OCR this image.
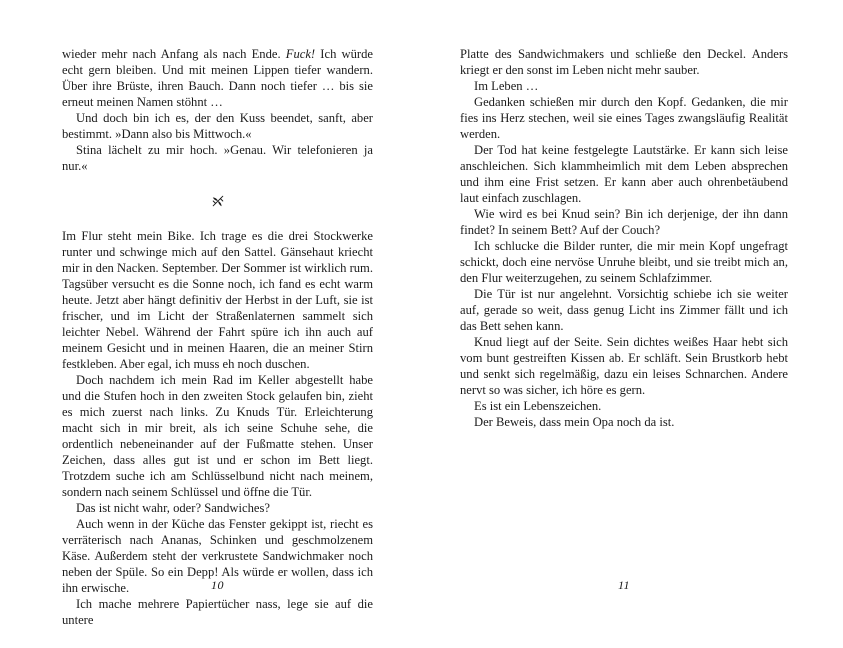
wieder mehr nach Anfang als nach Ende. Fuck! Ich würde echt gern bleiben. Und mit meinen Lippen tiefer wandern. Über ihre Brüste, ihren Bauch. Dann noch tiefer … bis sie erneut meinen Namen stöhnt …

Und doch bin ich es, der den Kuss beendet, sanft, aber bestimmt. »Dann also bis Mittwoch.«

Stina lächelt zu mir hoch. »Genau. Wir telefonieren ja nur.«

Im Flur steht mein Bike. Ich trage es die drei Stockwerke runter und schwinge mich auf den Sattel. Gänsehaut kriecht mir in den Nacken. September. Der Sommer ist wirklich rum. Tagsüber versucht es die Sonne noch, ich fand es echt warm heute. Jetzt aber hängt definitiv der Herbst in der Luft, sie ist frischer, und im Licht der Straßenlaternen sammelt sich leichter Nebel. Während der Fahrt spüre ich ihn auch auf meinem Gesicht und in meinen Haaren, die an meiner Stirn festkleben. Aber egal, ich muss eh noch duschen.

Doch nachdem ich mein Rad im Keller abgestellt habe und die Stufen hoch in den zweiten Stock gelaufen bin, zieht es mich zuerst nach links. Zu Knuds Tür. Erleichterung macht sich in mir breit, als ich seine Schuhe sehe, die ordentlich nebeneinander auf der Fußmatte stehen. Unser Zeichen, dass alles gut ist und er schon im Bett liegt. Trotzdem suche ich am Schlüsselbund nicht nach meinem, sondern nach seinem Schlüssel und öffne die Tür.

Das ist nicht wahr, oder? Sandwiches?

Auch wenn in der Küche das Fenster gekippt ist, riecht es verräterisch nach Ananas, Schinken und geschmolzenem Käse. Außerdem steht der verkrustete Sandwichmaker noch neben der Spüle. So ein Depp! Als würde er wollen, dass ich ihn erwische.

Ich mache mehrere Papiertücher nass, lege sie auf die untere

10

Platte des Sandwichmakers und schließe den Deckel. Anders kriegt er den sonst im Leben nicht mehr sauber.

Im Leben …

Gedanken schießen mir durch den Kopf. Gedanken, die mir fies ins Herz stechen, weil sie eines Tages zwangsläufig Realität werden.

Der Tod hat keine festgelegte Lautstärke. Er kann sich leise anschleichen. Sich klammheimlich mit dem Leben absprechen und ihm eine Frist setzen. Er kann aber auch ohrenbetäubend laut einfach zuschlagen.

Wie wird es bei Knud sein? Bin ich derjenige, der ihn dann findet? In seinem Bett? Auf der Couch?

Ich schlucke die Bilder runter, die mir mein Kopf ungefragt schickt, doch eine nervöse Unruhe bleibt, und sie treibt mich an, den Flur weiterzugehen, zu seinem Schlafzimmer.

Die Tür ist nur angelehnt. Vorsichtig schiebe ich sie weiter auf, gerade so weit, dass genug Licht ins Zimmer fällt und ich das Bett sehen kann.

Knud liegt auf der Seite. Sein dichtes weißes Haar hebt sich vom bunt gestreiften Kissen ab. Er schläft. Sein Brustkorb hebt und senkt sich regelmäßig, dazu ein leises Schnarchen. Andere nervt so was sicher, ich höre es gern.

Es ist ein Lebenszeichen.

Der Beweis, dass mein Opa noch da ist.

11
